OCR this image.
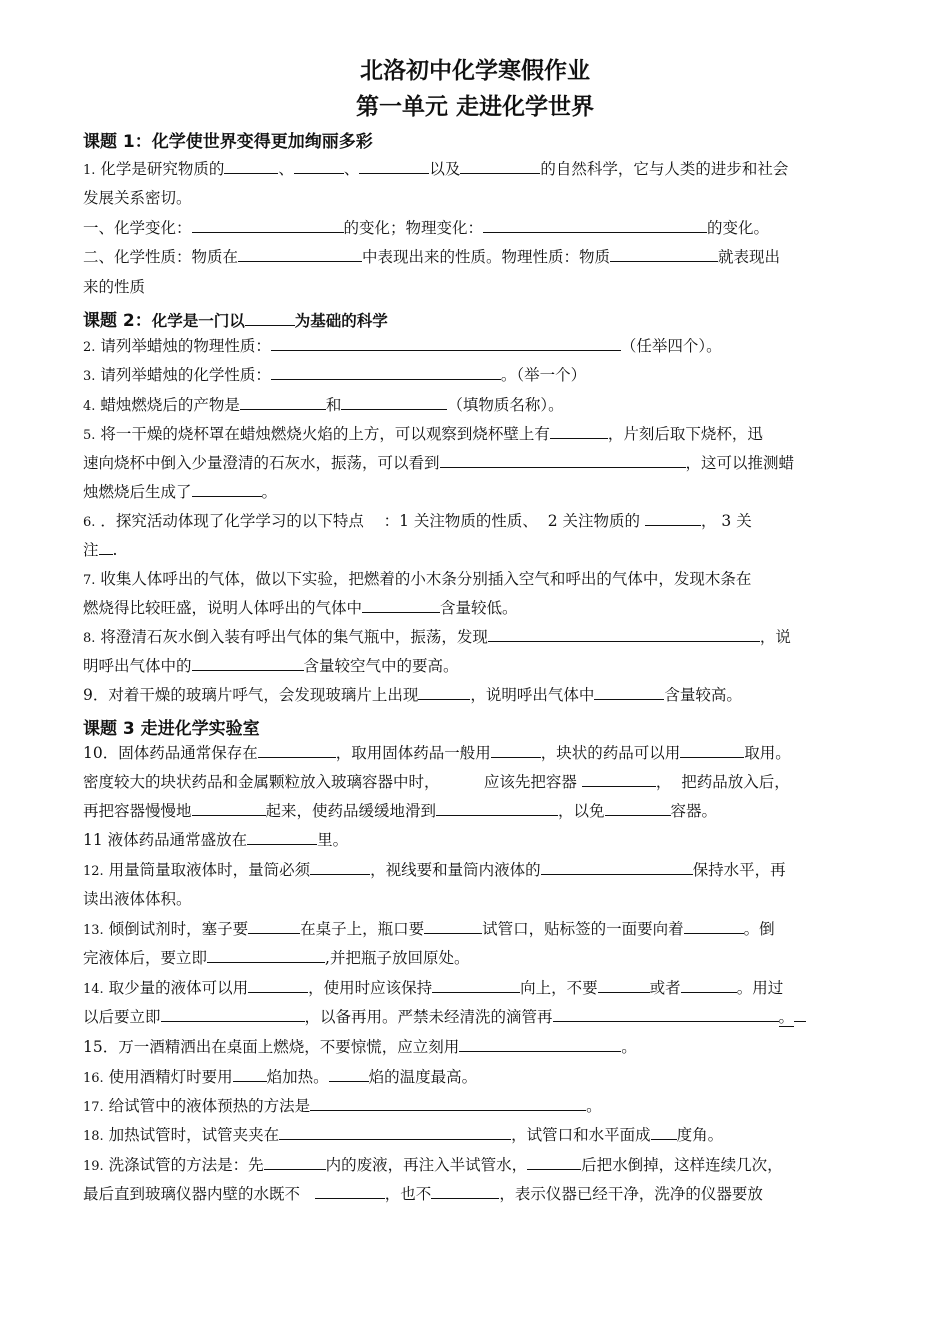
北洛初中化学寒假作业
第一单元 走进化学世界
课题 1：化学使世界变得更加绚丽多彩
1. 化学是研究物质的	、	、	以及	的自然科学，它与人类的进步和社会
发展关系密切。
一、化学变化：	的变化；物理变化：	的变化。
二、化学性质：物质在	中表现出来的性质。物理性质：物质	就表现出
来的性质
课题 2：化学是一门以	为基础的科学
2. 请列举蜡烛的物理性质：	（任举四个）。
3. 请列举蜡烛的化学性质：	。（举一个）
4. 蜡烛燃烧后的产物是	和	（填物质名称）。
5. 将一干燥的烧杯罩在蜡烛燃烧火焰的上方，可以观察到烧杯壁上有	，片刻后取下烧杯，迅
速向烧杯中倒入少量澄清的石灰水，振荡，可以看到	，这可以推测蜡
烛燃烧后生成了	。
6. ．探究活动体现了化学学习的以下特点 ：1 关注物质的性质、 2 关注物质的	， 3 关
注 .
7. 收集人体呼出的气体，做以下实验，把燃着的小木条分别插入空气和呼出的气体中，发现木条在
燃烧得比较旺盛，说明人体呼出的气体中	含量较低。
8. 将澄清石灰水倒入装有呼出气体的集气瓶中，振荡，发现	，说
明呼出气体中的	含量较空气中的要高。
9．对着干燥的玻璃片呼气，会发现玻璃片上出现	，说明呼出气体中	含量较高。
课题 3 走进化学实验室
10．固体药品通常保存在	，取用固体药品一般用	，块状的药品可以用	取用。
密度较大的块状药品和金属颗粒放入玻璃容器中时，	应该先把容器	， 把药品放入后，
再把容器慢慢地	起来，使药品缓缓地滑到	，以免	容器。
11 液体药品通常盛放在	里。
12. 用量筒量取液体时，量筒必须	，视线要和量筒内液体的	保持水平，再
读出液体体积。
13. 倾倒试剂时，塞子要	在桌子上，瓶口要	试管口，贴标签的一面要向着	。倒
完液体后，要立即	,并把瓶子放回原处。
14. 取少量的液体可以用	，使用时应该保持	向上，不要	或者	。用过
以后要立即	，以备再用。严禁未经清洗的滴管再	。
15．万一酒精洒出在桌面上燃烧，不要惊慌，应立刻用	。
16. 使用酒精灯时要用 焰加热。	焰的温度最高。
17. 给试管中的液体预热的方法是	。
18. 加热试管时，试管夹夹在	，试管口和水平面成 度角。
19. 洗涤试管的方法是：先	内的废液，再注入半试管水，	后把水倒掉，这样连续几次，
最后直到玻璃仪器内壁的水既不	，也不	，表示仪器已经干净，洗净的仪器要放
